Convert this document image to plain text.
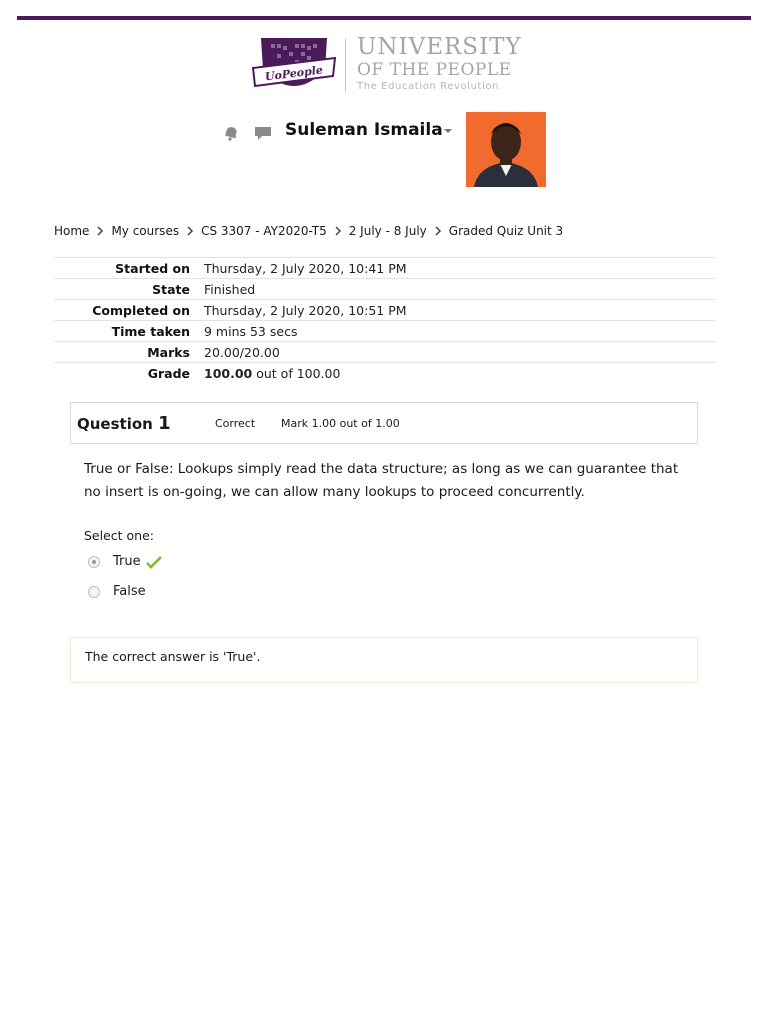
UoPeople
UNIVERSITY
OF THE PEOPLE
The Education Revolution
Suleman Ismaila
Home My courses CS 3307 - AY2020-T5 2 July - 8 July Graded Quiz Unit 3
Started on	Thursday, 2 July 2020, 10:41 PM
State	Finished
Completed on	Thursday, 2 July 2020, 10:51 PM
Time taken	9 mins 53 secs
Marks	20.00/20.00
Grade	100.00 out of 100.00
Question 1	Correct Mark 1.00 out of 1.00
True or False: Lookups simply read the data structure; as long as we can guarantee that no insert is on-going, we can allow many lookups to proceed concurrently.
Select one:
True
False
The correct answer is 'True'.
